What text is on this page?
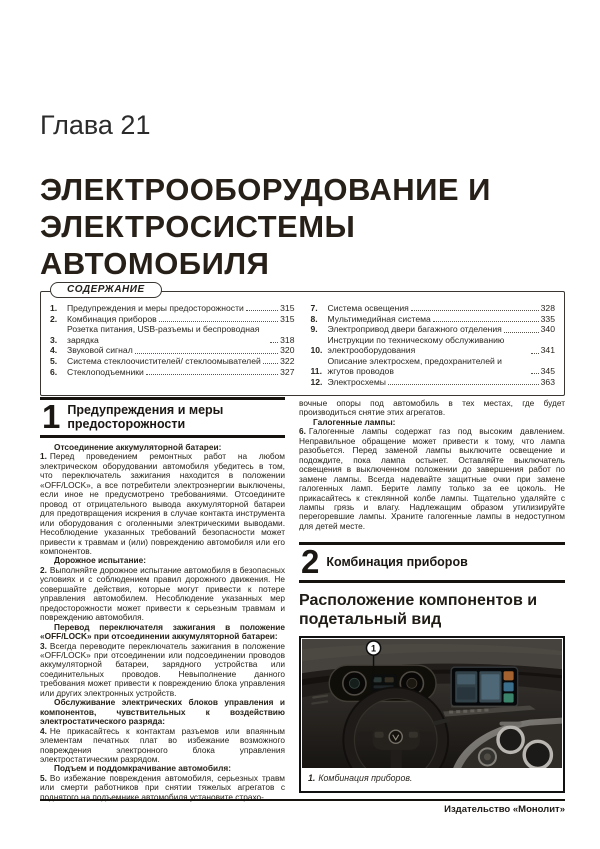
Глава 21
ЭЛЕКТРООБОРУДОВАНИЕ И ЭЛЕКТРОСИСТЕМЫ АВТОМОБИЛЯ
СОДЕРЖАНИЕ
1.	Предупреждения и меры предосторожности	315
2.	Комбинация приборов	315
3.
Розетка питания, USB-разъемы и беспроводная зарядка	318
4.	Звуковой сигнал	320
5.	Система стеклоочистителей/ стеклоомывателей 322
6.	Стеклоподъемники	327
7.	Система освещения	328
8.	Мультимедийная система	335
9.	Электропривод двери багажного отделения	340
10.
Инструкции по техническому обслуживанию электрооборудования	341
11.
Описание электросхем, предохранителей и жгутов проводов	345
12. Электросхемы	363
1 Предупреждения и меры предосторожности

Отсоединение аккумуляторной батареи:

1. Перед проведением ремонтных работ на любом электрическом оборудовании автомобиля убедитесь в том, что переключатель зажигания находится в положении «OFF/LOCK», а все потребители электроэнергии выключены, если иное не предусмотрено требованиями. Отсоедините провод от отрицательного вывода аккумуляторной батареи для предотвращения искрения в случае контакта инструмента или оборудования с оголенными электрическими выводами. Несоблюдение указанных требований безопасности может привести к травмам и (или) повреждению автомобиля или его компонентов.

Дорожное испытание:

2. Выполняйте дорожное испытание автомобиля в безопасных условиях и с соблюдением правил дорожного движения. Не совершайте действия, которые могут привести к потере управления автомобилем. Несоблюдение указанных мер предосторожности может привести к серьезным травмам и повреждению автомобиля.

Перевод переключателя зажигания в положение «OFF/LOCK» при отсоединении аккумуляторной батареи:

3. Всегда переводите переключатель зажигания в положение «OFF/LOCK» при отсоединении или подсоединении проводов аккумуляторной батареи, зарядного устройства или соединительных проводов. Невыполнение данного требования может привести к повреждению блока управления или других электронных устройств.

Обслуживание электрических блоков управления и компонентов, чувствительных к воздействию электростатического разряда:

4. Не прикасайтесь к контактам разъемов или впаянным элементам печатных плат во избежание возможного повреждения электронного блока управления электростатическим разрядом.

Подъем и поддомкрачивание автомобиля:

5. Во избежание повреждения автомобиля, серьезных травм или смерти работников при снятии тяжелых агрегатов с поднятого на подъемнике автомобиля установите страхо-

вочные опоры под автомобиль в тех местах, где будет производиться снятие этих агрегатов.

Галогенные лампы:

6. Галогенные лампы содержат газ под высоким давлением. Неправильное обращение может привести к тому, что лампа разобьется. Перед заменой лампы выключите освещение и подождите, пока лампа остынет. Оставляйте выключатель освещения в выключенном положении до завершения работ по замене лампы. Всегда надевайте защитные очки при замене галогенных ламп. Берите лампу только за ее цоколь. Не прикасайтесь к стеклянной колбе лампы. Тщательно удаляйте с лампы грязь и влагу. Надлежащим образом утилизируйте перегоревшие лампы. Храните галогенные лампы в недоступном для детей месте.

2 Комбинация приборов
Расположение компонентов и подетальный вид
1
1. Комбинация приборов.
Издательство «Монолит»
